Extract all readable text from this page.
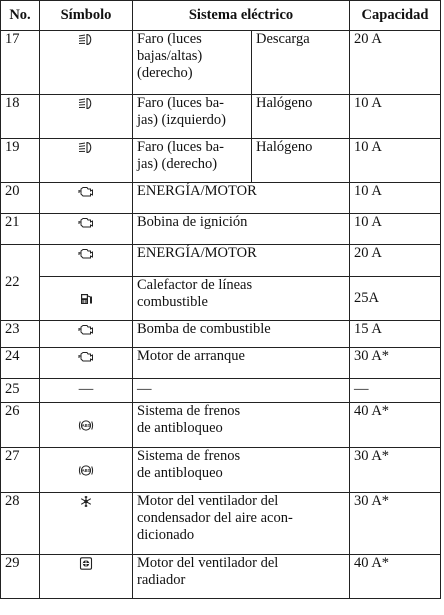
No.	Símbolo	Sistema eléctrico		Capacidad
17		Faro (luces
bajas/altas)
(derecho)	Descarga	20 A
18		Faro (luces ba-
jas) (izquierdo)	Halógeno	10 A
19		Faro (luces ba-
jas) (derecho)	Halógeno	10 A
20		ENERGÍA/MOTOR		10 A
21		Bobina de ignición		10 A
22		ENERGÍA/MOTOR		20 A

Calefactor de líneas
combustible		25A
23		Bomba de combustible		15 A
24		Motor de arranque		30 A*
25	—	—		—
26	ABS	Sistema de frenos
de antibloqueo		40 A*
27	ABS	Sistema de frenos
de antibloqueo		30 A*
28		Motor del ventilador del
condensador del aire acon-
dicionado		30 A*
29		Motor del ventilador del
radiador		40 A*
